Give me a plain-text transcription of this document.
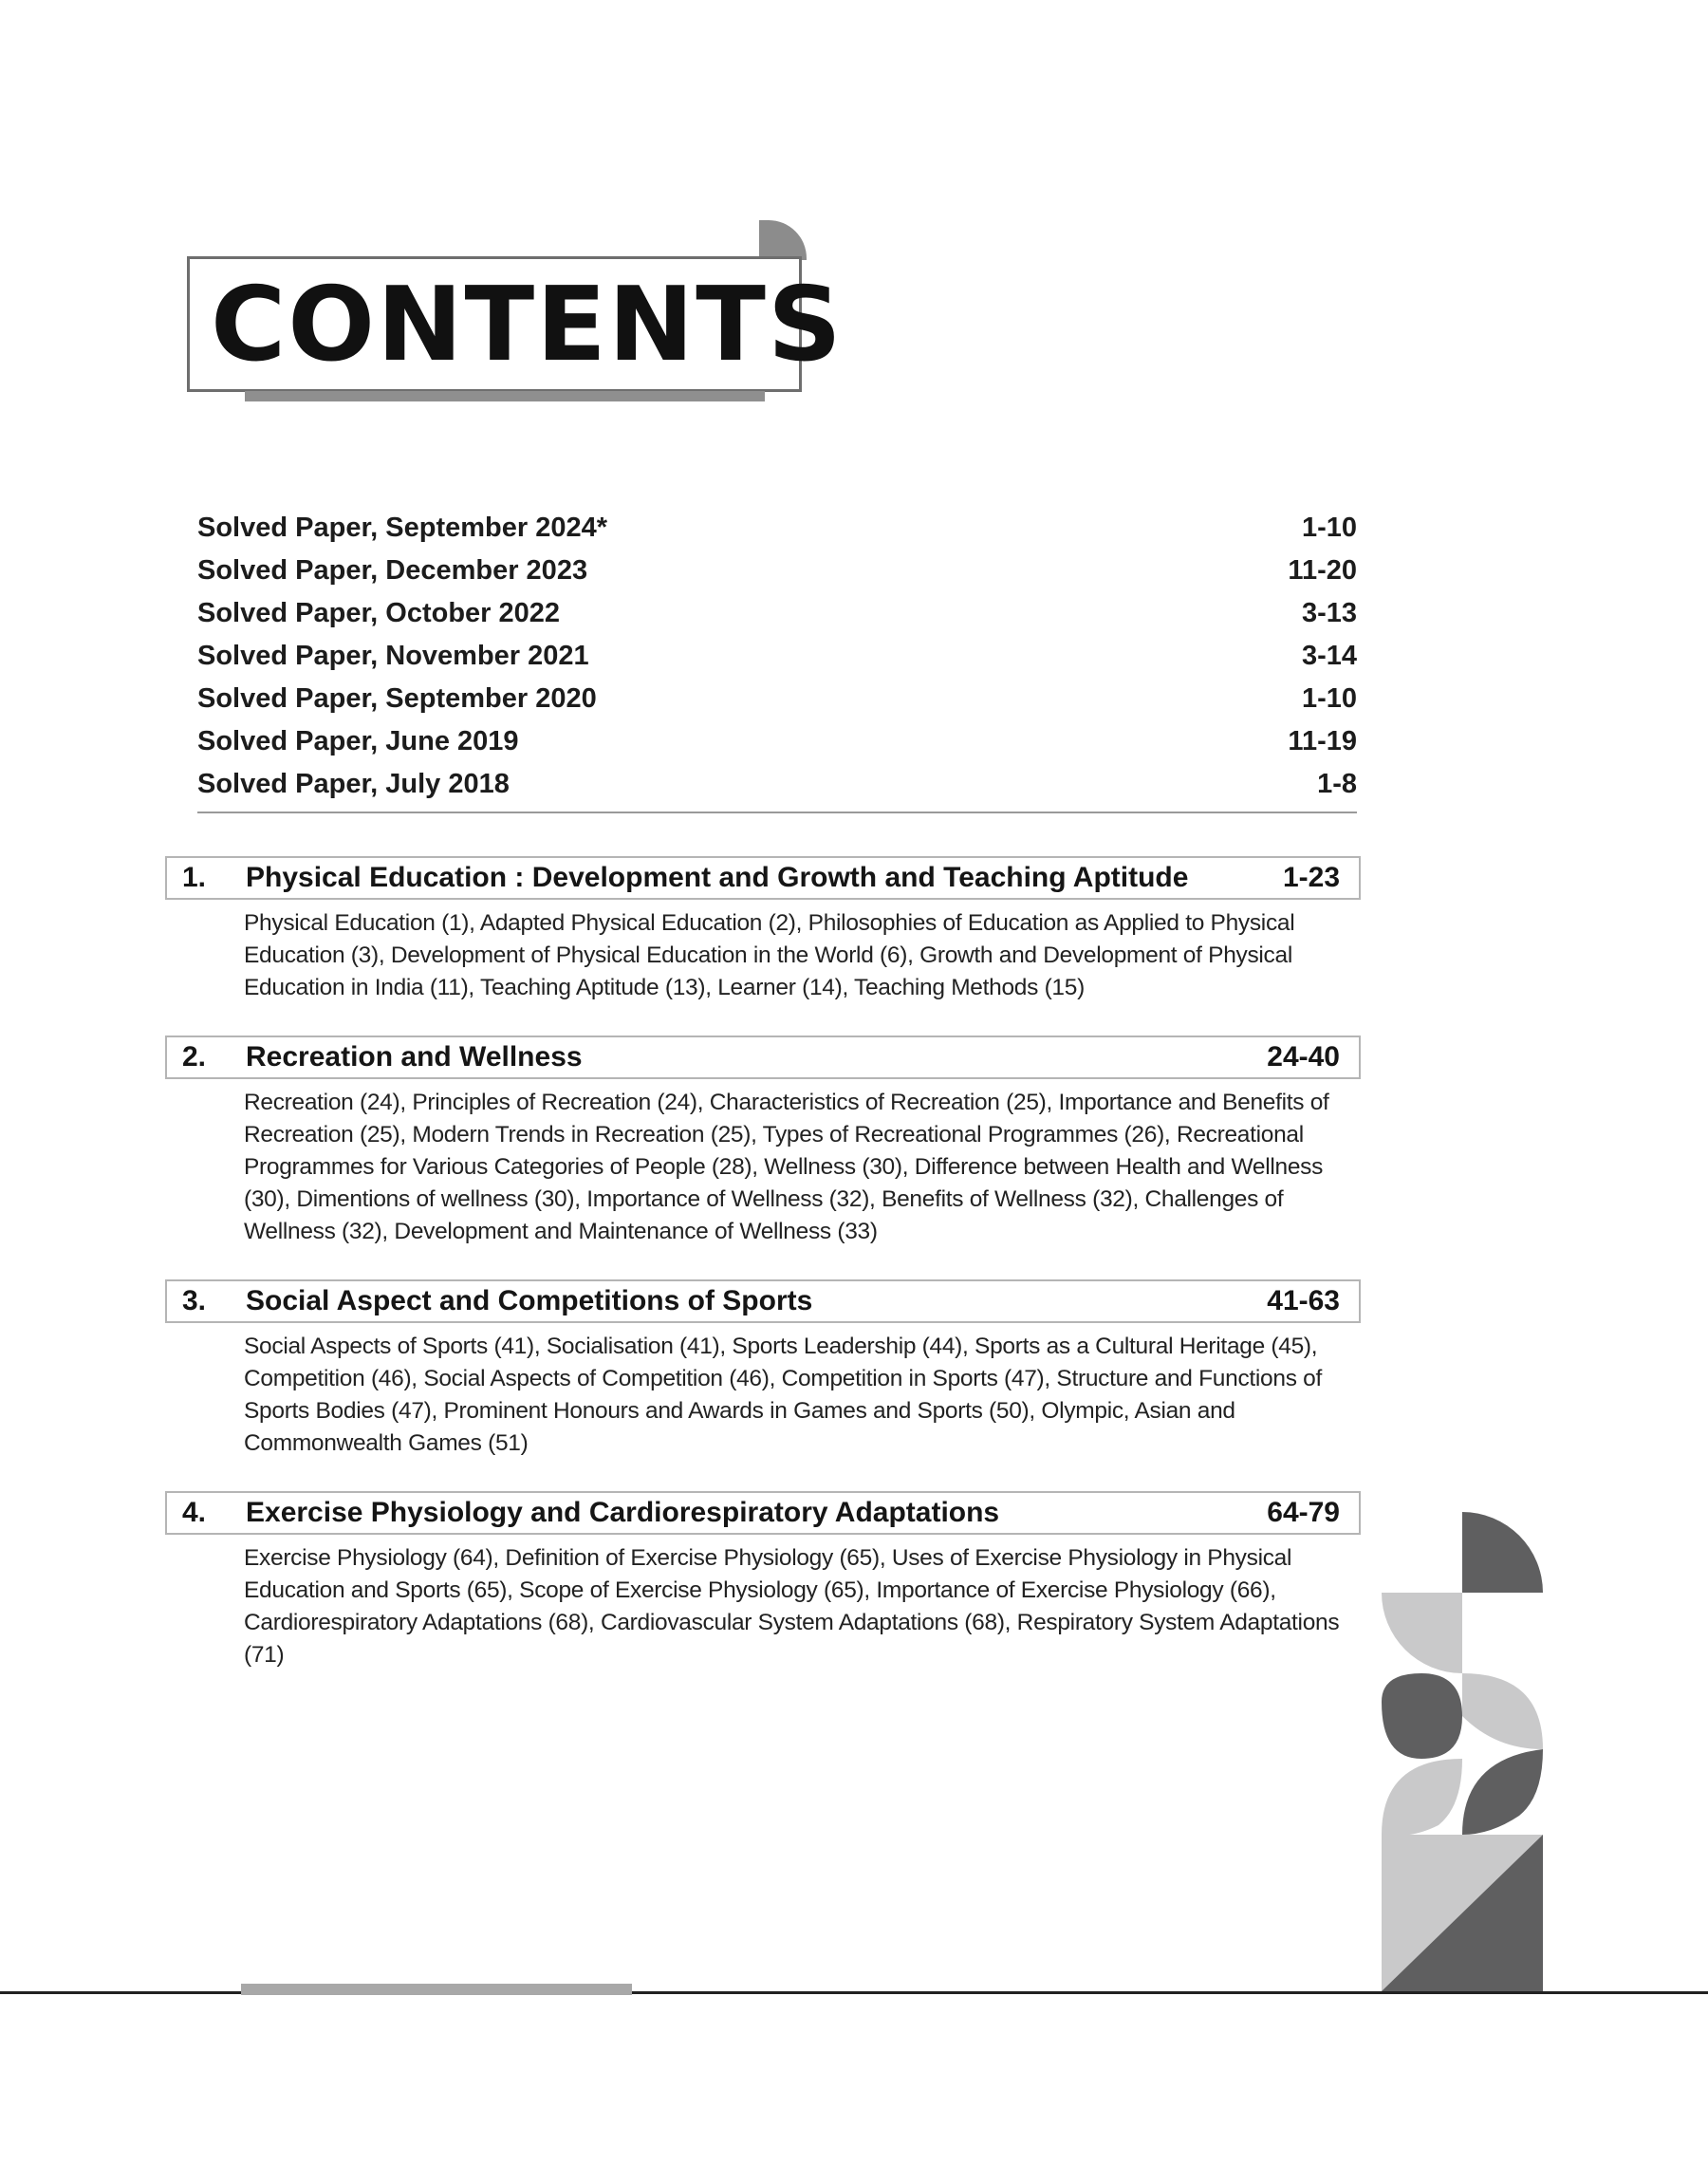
CONTENTS
Solved Paper, September 2024*	1-10
Solved Paper, December 2023	11-20
Solved Paper, October 2022	3-13
Solved Paper, November 2021	3-14
Solved Paper, September 2020	1-10
Solved Paper, June 2019	11-19
Solved Paper, July 2018	1-8
1.	Physical Education : Development and Growth and Teaching Aptitude	1-23
Physical Education (1), Adapted Physical Education (2), Philosophies of Education as Applied to Physical Education (3), Development of Physical Education in the World (6), Growth and Development of Physical Education in India (11), Teaching Aptitude (13), Learner (14), Teaching Methods (15)
2.	Recreation and Wellness	24-40
Recreation (24), Principles of Recreation (24), Characteristics of Recreation (25), Importance and Benefits of Recreation (25), Modern Trends in Recreation (25), Types of Recreational Programmes (26), Recreational Programmes for Various Categories of People (28), Wellness (30), Difference between Health and Wellness (30), Dimentions of wellness (30), Importance of Wellness (32), Benefits of Wellness (32), Challenges of Wellness (32), Development and Maintenance of Wellness (33)
3.	Social Aspect and Competitions of Sports	41-63
Social Aspects of Sports (41), Socialisation (41), Sports Leadership (44), Sports as a Cultural Heritage (45), Competition (46), Social Aspects of Competition (46), Competition in Sports (47), Structure and Functions of Sports Bodies (47), Prominent Honours and Awards in Games and Sports (50), Olympic, Asian and Commonwealth Games (51)
4.	Exercise Physiology and Cardiorespiratory Adaptations	64-79
Exercise Physiology (64), Definition of Exercise Physiology (65), Uses of Exercise Physiology in Physical Education and Sports (65), Scope of Exercise Physiology (65), Importance of Exercise Physiology (66), Cardiorespiratory Adaptations (68), Cardiovascular System Adaptations (68), Respiratory System Adaptations (71)
